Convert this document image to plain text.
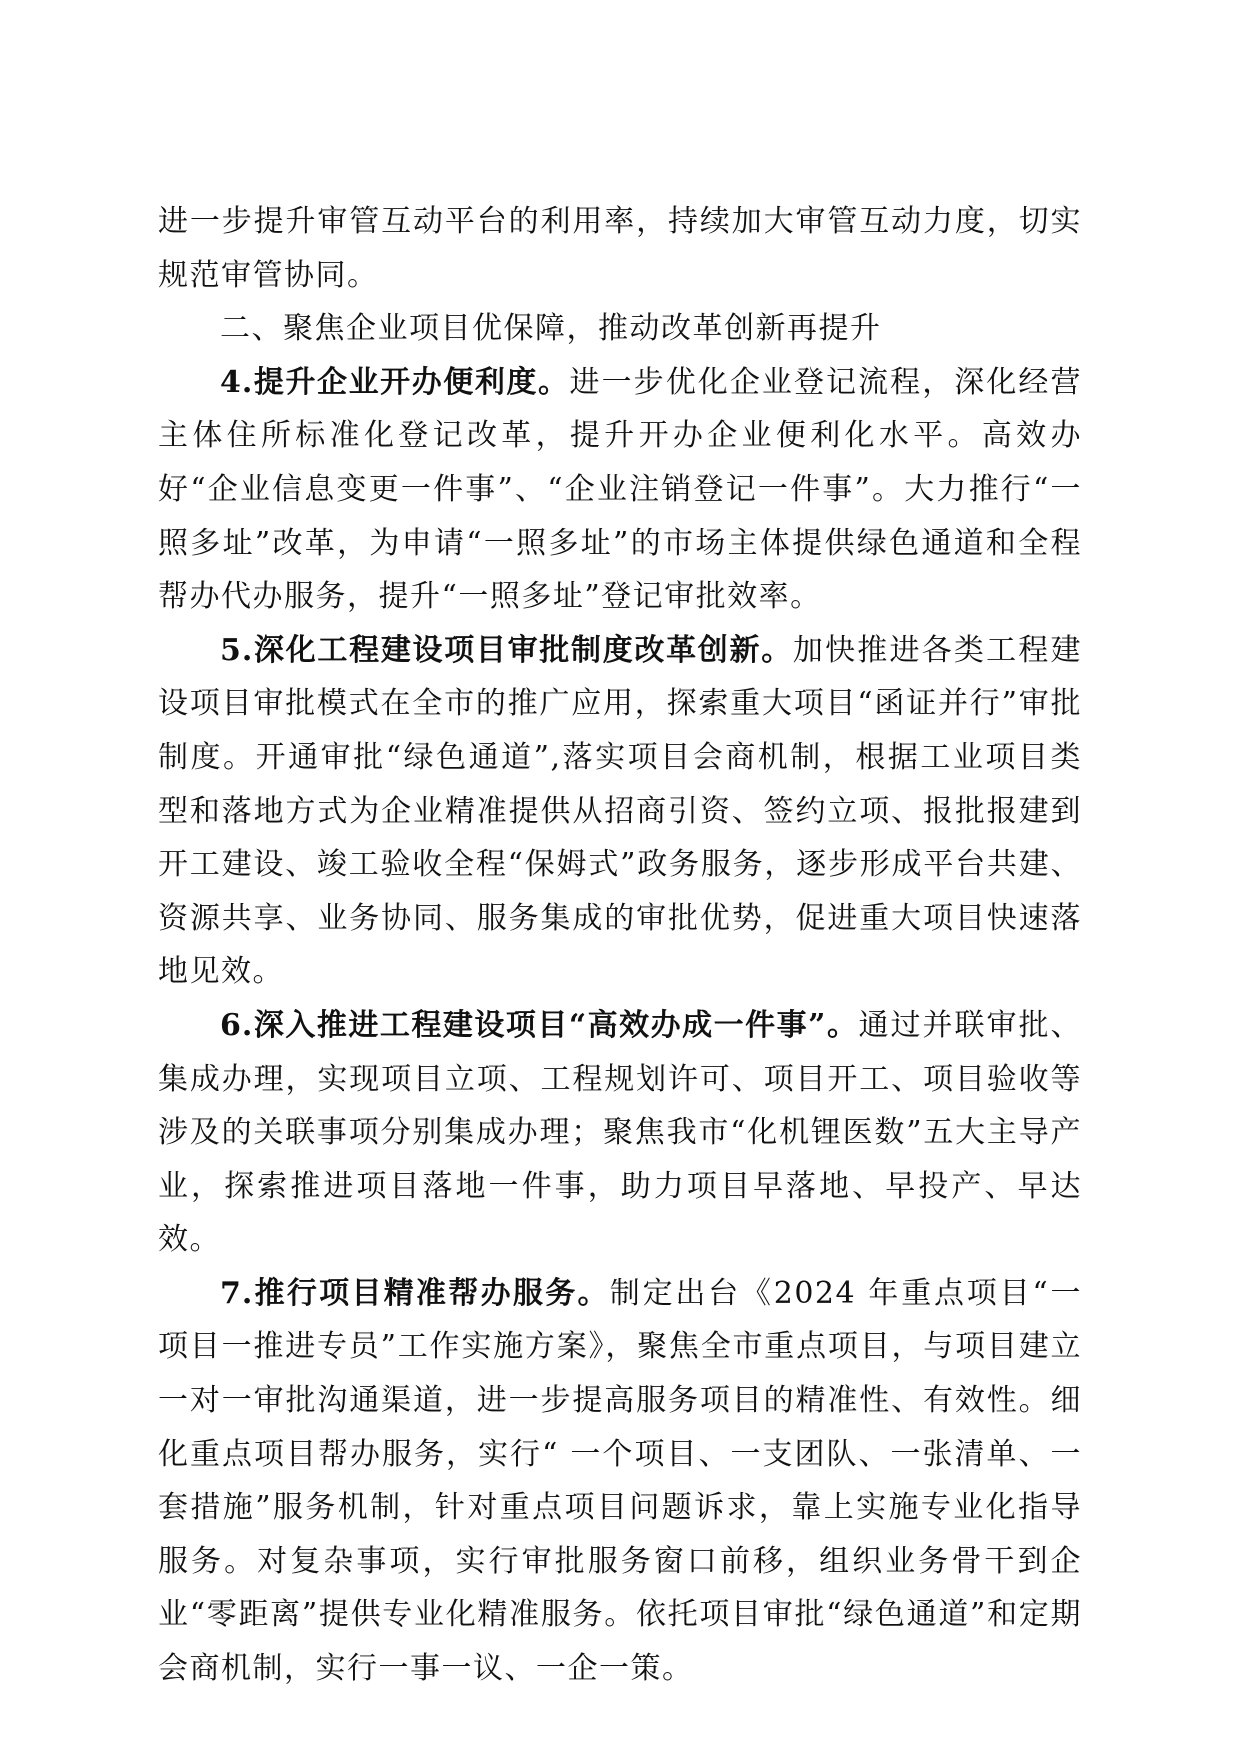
进一步提升审管互动平台的利用率，持续加大审管互动力度，切实规范审管协同。

二、聚焦企业项目优保障，推动改革创新再提升

4.提升企业开办便利度。进一步优化企业登记流程，深化经营主体住所标准化登记改革，提升开办企业便利化水平。高效办好“企业信息变更一件事”、“企业注销登记一件事”。大力推行“一照多址”改革，为申请“一照多址”的市场主体提供绿色通道和全程帮办代办服务，提升“一照多址”登记审批效率。

5.深化工程建设项目审批制度改革创新。加快推进各类工程建设项目审批模式在全市的推广应用，探索重大项目“函证并行”审批制度。开通审批“绿色通道”,落实项目会商机制，根据工业项目类型和落地方式为企业精准提供从招商引资、签约立项、报批报建到开工建设、竣工验收全程“保姆式”政务服务，逐步形成平台共建、资源共享、业务协同、服务集成的审批优势，促进重大项目快速落地见效。

6.深入推进工程建设项目“高效办成一件事”。通过并联审批、集成办理，实现项目立项、工程规划许可、项目开工、项目验收等涉及的关联事项分别集成办理；聚焦我市“化机锂医数”五大主导产业，探索推进项目落地一件事，助力项目早落地、早投产、早达效。

7.推行项目精准帮办服务。制定出台《2024 年重点项目“一项目一推进专员”工作实施方案》，聚焦全市重点项目，与项目建立一对一审批沟通渠道，进一步提高服务项目的精准性、有效性。细化重点项目帮办服务，实行“ 一个项目、一支团队、一张清单、一套措施”服务机制，针对重点项目问题诉求，靠上实施专业化指导服务。对复杂事项，实行审批服务窗口前移，组织业务骨干到企业“零距离”提供专业化精准服务。依托项目审批“绿色通道”和定期会商机制，实行一事一议、一企一策。
